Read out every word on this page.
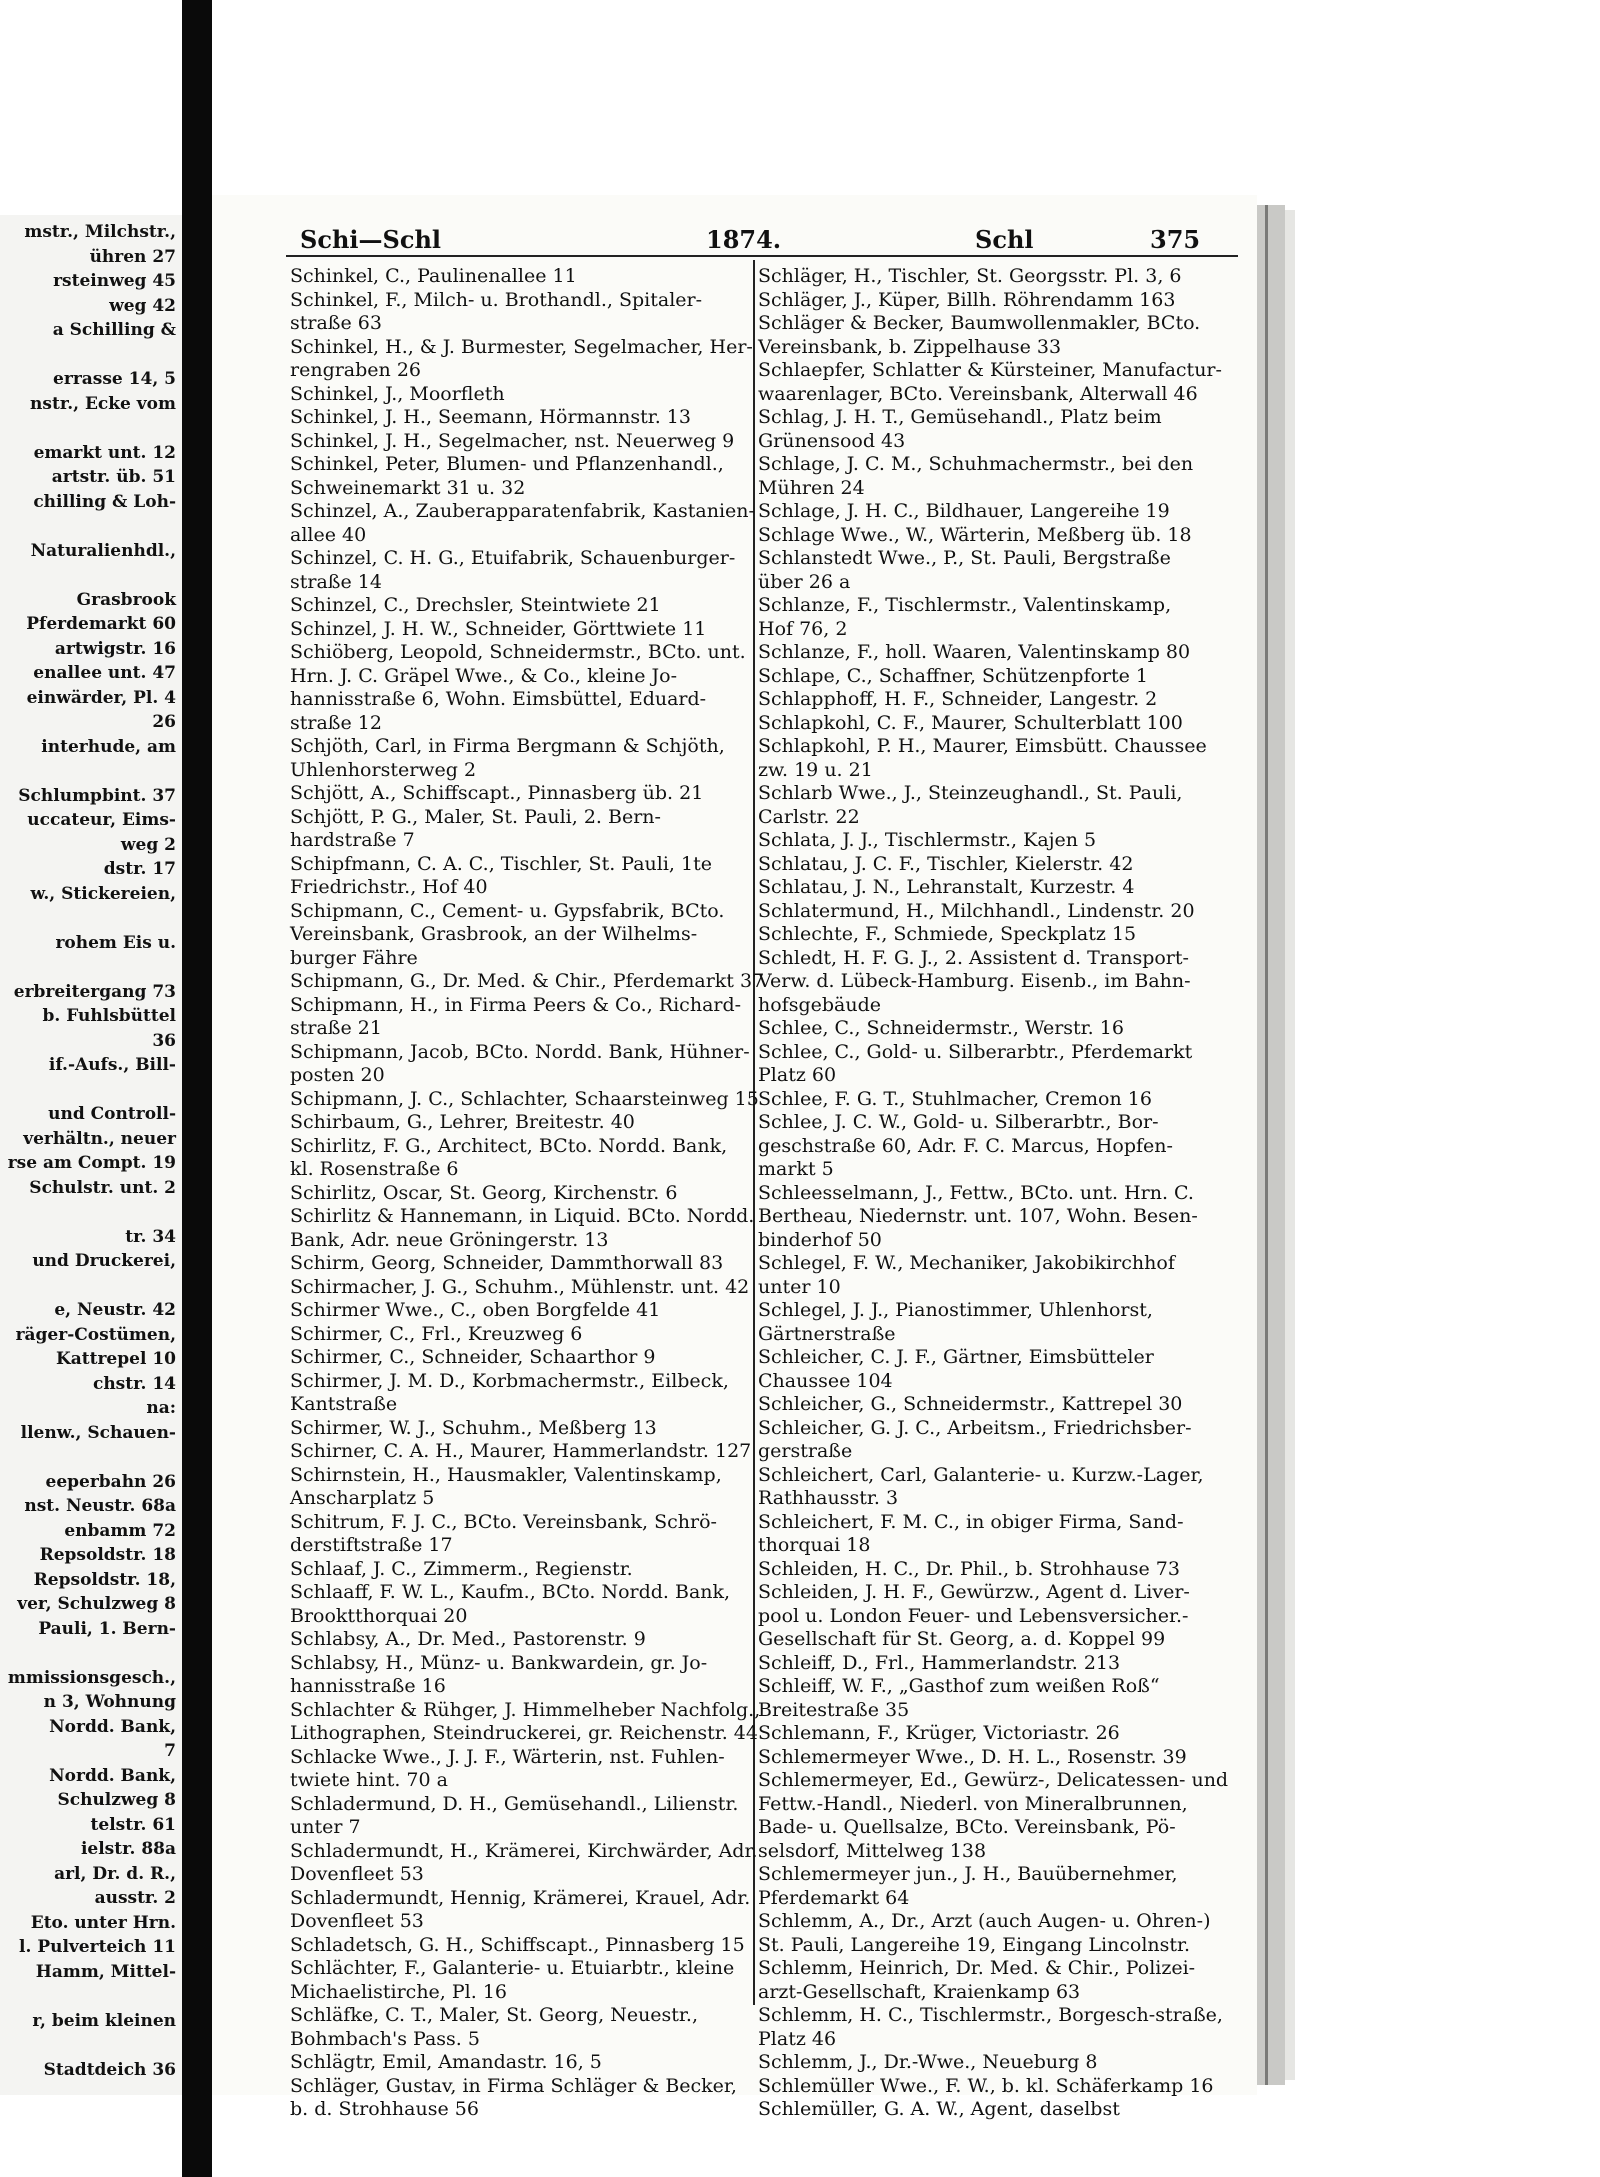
mstr., Milchstr.,
ühren 27
rsteinweg 45
weg 42
a Schilling &
errasse 14, 5
nstr., Ecke vom
emarkt unt. 12
artstr. üb. 51
chilling & Loh-
Naturalienhdl.,
Grasbrook
Pferdemarkt 60
artwigstr. 16
enallee unt. 47
einwärder, Pl. 4
26
interhude, am
Schlumpbint. 37
uccateur, Eims-
weg 2
dstr. 17
w., Stickereien,
rohem Eis u.
erbreitergang 73
b. Fuhlsbüttel
36
if.-Aufs., Bill-
und Controll-
verhältn., neuer
rse am Compt. 19
Schulstr. unt. 2
tr. 34
und Druckerei,
e, Neustr. 42
räger-Costümen,
Kattrepel 10
chstr. 14
na:
llenw., Schauen-
eeperbahn 26
nst. Neustr. 68a
enbamm 72
Repsoldstr. 18
Repsoldstr. 18,
ver, Schulzweg 8
Pauli, 1. Bern-
mmissionsgesch.,
n 3, Wohnung
Nordd. Bank,
7
Nordd. Bank,
Schulzweg 8
telstr. 61
ielstr. 88a
arl, Dr. d. R.,
ausstr. 2
Eto. unter Hrn.
l. Pulverteich 11
Hamm, Mittel-
r, beim kleinen
Stadtdeich 36
Schi—Schl	1874.	Schl	375
Schinkel, C., Paulinenallee 11
Schinkel, F., Milch- u. Brothandl., Spitaler-
straße 63
Schinkel, H., & J. Burmester, Segelmacher, Her-
rengraben 26
Schinkel, J., Moorfleth
Schinkel, J. H., Seemann, Hörmannstr. 13
Schinkel, J. H., Segelmacher, nst. Neuerweg 9
Schinkel, Peter, Blumen- und Pflanzenhandl.,
Schweinemarkt 31 u. 32
Schinzel, A., Zauberapparatenfabrik, Kastanien-
allee 40
Schinzel, C. H. G., Etuifabrik, Schauenburger-
straße 14
Schinzel, C., Drechsler, Steintwiete 21
Schinzel, J. H. W., Schneider, Görttwiete 11
Schiöberg, Leopold, Schneidermstr., BCto. unt.
Hrn. J. C. Gräpel Wwe., & Co., kleine Jo-
hannisstraße 6, Wohn. Eimsbüttel, Eduard-
straße 12
Schjöth, Carl, in Firma Bergmann & Schjöth,
Uhlenhorsterweg 2
Schjött, A., Schiffscapt., Pinnasberg üb. 21
Schjött, P. G., Maler, St. Pauli, 2. Bern-
hardstraße 7
Schipfmann, C. A. C., Tischler, St. Pauli, 1te
Friedrichstr., Hof 40
Schipmann, C., Cement- u. Gypsfabrik, BCto.
Vereinsbank, Grasbrook, an der Wilhelms-
burger Fähre
Schipmann, G., Dr. Med. & Chir., Pferdemarkt 37
Schipmann, H., in Firma Peers & Co., Richard-
straße 21
Schipmann, Jacob, BCto. Nordd. Bank, Hühner-
posten 20
Schipmann, J. C., Schlachter, Schaarsteinweg 15
Schirbaum, G., Lehrer, Breitestr. 40
Schirlitz, F. G., Architect, BCto. Nordd. Bank,
kl. Rosenstraße 6
Schirlitz, Oscar, St. Georg, Kirchenstr. 6
Schirlitz & Hannemann, in Liquid. BCto. Nordd.
Bank, Adr. neue Gröningerstr. 13
Schirm, Georg, Schneider, Dammthorwall 83
Schirmacher, J. G., Schuhm., Mühlenstr. unt. 42
Schirmer Wwe., C., oben Borgfelde 41
Schirmer, C., Frl., Kreuzweg 6
Schirmer, C., Schneider, Schaarthor 9
Schirmer, J. M. D., Korbmachermstr., Eilbeck,
Kantstraße
Schirmer, W. J., Schuhm., Meßberg 13
Schirner, C. A. H., Maurer, Hammerlandstr. 127
Schirnstein, H., Hausmakler, Valentinskamp,
Anscharplatz 5
Schitrum, F. J. C., BCto. Vereinsbank, Schrö-
derstiftstraße 17
Schlaaf, J. C., Zimmerm., Regienstr.
Schlaaff, F. W. L., Kaufm., BCto. Nordd. Bank,
Brooktthorquai 20
Schlabsy, A., Dr. Med., Pastorenstr. 9
Schlabsy, H., Münz- u. Bankwardein, gr. Jo-
hannisstraße 16
Schlachter & Rühger, J. Himmelheber Nachfolg.,
Lithographen, Steindruckerei, gr. Reichenstr. 44
Schlacke Wwe., J. J. F., Wärterin, nst. Fuhlen-
twiete hint. 70 a
Schladermund, D. H., Gemüsehandl., Lilienstr.
unter 7
Schladermundt, H., Krämerei, Kirchwärder, Adr.
Dovenfleet 53
Schladermundt, Hennig, Krämerei, Krauel, Adr.
Dovenfleet 53
Schladetsch, G. H., Schiffscapt., Pinnasberg 15
Schlächter, F., Galanterie- u. Etuiarbtr., kleine
Michaelistirche, Pl. 16
Schläfke, C. T., Maler, St. Georg, Neuestr.,
Bohmbach's Pass. 5
Schlägtr, Emil, Amandastr. 16, 5
Schläger, Gustav, in Firma Schläger & Becker,
b. d. Strohhause 56
Schläger, H., Tischler, St. Georgsstr. Pl. 3, 6
Schläger, J., Küper, Billh. Röhrendamm 163
Schläger & Becker, Baumwollenmakler, BCto.
Vereinsbank, b. Zippelhause 33
Schlaepfer, Schlatter & Kürsteiner, Manufactur-
waarenlager, BCto. Vereinsbank, Alterwall 46
Schlag, J. H. T., Gemüsehandl., Platz beim
Grünensood 43
Schlage, J. C. M., Schuhmachermstr., bei den
Mühren 24
Schlage, J. H. C., Bildhauer, Langereihe 19
Schlage Wwe., W., Wärterin, Meßberg üb. 18
Schlanstedt Wwe., P., St. Pauli, Bergstraße
über 26 a
Schlanze, F., Tischlermstr., Valentinskamp,
Hof 76, 2
Schlanze, F., holl. Waaren, Valentinskamp 80
Schlape, C., Schaffner, Schützenpforte 1
Schlapphoff, H. F., Schneider, Langestr. 2
Schlapkohl, C. F., Maurer, Schulterblatt 100
Schlapkohl, P. H., Maurer, Eimsbütt. Chaussee
zw. 19 u. 21
Schlarb Wwe., J., Steinzeughandl., St. Pauli,
Carlstr. 22
Schlata, J. J., Tischlermstr., Kajen 5
Schlatau, J. C. F., Tischler, Kielerstr. 42
Schlatau, J. N., Lehranstalt, Kurzestr. 4
Schlatermund, H., Milchhandl., Lindenstr. 20
Schlechte, F., Schmiede, Speckplatz 15
Schledt, H. F. G. J., 2. Assistent d. Transport-
Verw. d. Lübeck-Hamburg. Eisenb., im Bahn-
hofsgebäude
Schlee, C., Schneidermstr., Werstr. 16
Schlee, C., Gold- u. Silberarbtr., Pferdemarkt
Platz 60
Schlee, F. G. T., Stuhlmacher, Cremon 16
Schlee, J. C. W., Gold- u. Silberarbtr., Bor-
geschstraße 60, Adr. F. C. Marcus, Hopfen-
markt 5
Schleesselmann, J., Fettw., BCto. unt. Hrn. C.
Bertheau, Niedernstr. unt. 107, Wohn. Besen-
binderhof 50
Schlegel, F. W., Mechaniker, Jakobikirchhof
unter 10
Schlegel, J. J., Pianostimmer, Uhlenhorst,
Gärtnerstraße
Schleicher, C. J. F., Gärtner, Eimsbütteler
Chaussee 104
Schleicher, G., Schneidermstr., Kattrepel 30
Schleicher, G. J. C., Arbeitsm., Friedrichsber-
gerstraße
Schleichert, Carl, Galanterie- u. Kurzw.-Lager,
Rathhausstr. 3
Schleichert, F. M. C., in obiger Firma, Sand-
thorquai 18
Schleiden, H. C., Dr. Phil., b. Strohhause 73
Schleiden, J. H. F., Gewürzw., Agent d. Liver-
pool u. London Feuer- und Lebensversicher.-
Gesellschaft für St. Georg, a. d. Koppel 99
Schleiff, D., Frl., Hammerlandstr. 213
Schleiff, W. F., „Gasthof zum weißen Roß“
Breitestraße 35
Schlemann, F., Krüger, Victoriastr. 26
Schlemermeyer Wwe., D. H. L., Rosenstr. 39
Schlemermeyer, Ed., Gewürz-, Delicatessen- und
Fettw.-Handl., Niederl. von Mineralbrunnen,
Bade- u. Quellsalze, BCto. Vereinsbank, Pö-
selsdorf, Mittelweg 138
Schlemermeyer jun., J. H., Bauübernehmer,
Pferdemarkt 64
Schlemm, A., Dr., Arzt (auch Augen- u. Ohren-)
St. Pauli, Langereihe 19, Eingang Lincolnstr.
Schlemm, Heinrich, Dr. Med. & Chir., Polizei-
arzt-Gesellschaft, Kraienkamp 63
Schlemm, H. C., Tischlermstr., Borgesch-straße,
Platz 46
Schlemm, J., Dr.-Wwe., Neueburg 8
Schlemüller Wwe., F. W., b. kl. Schäferkamp 16
Schlemüller, G. A. W., Agent, daselbst
